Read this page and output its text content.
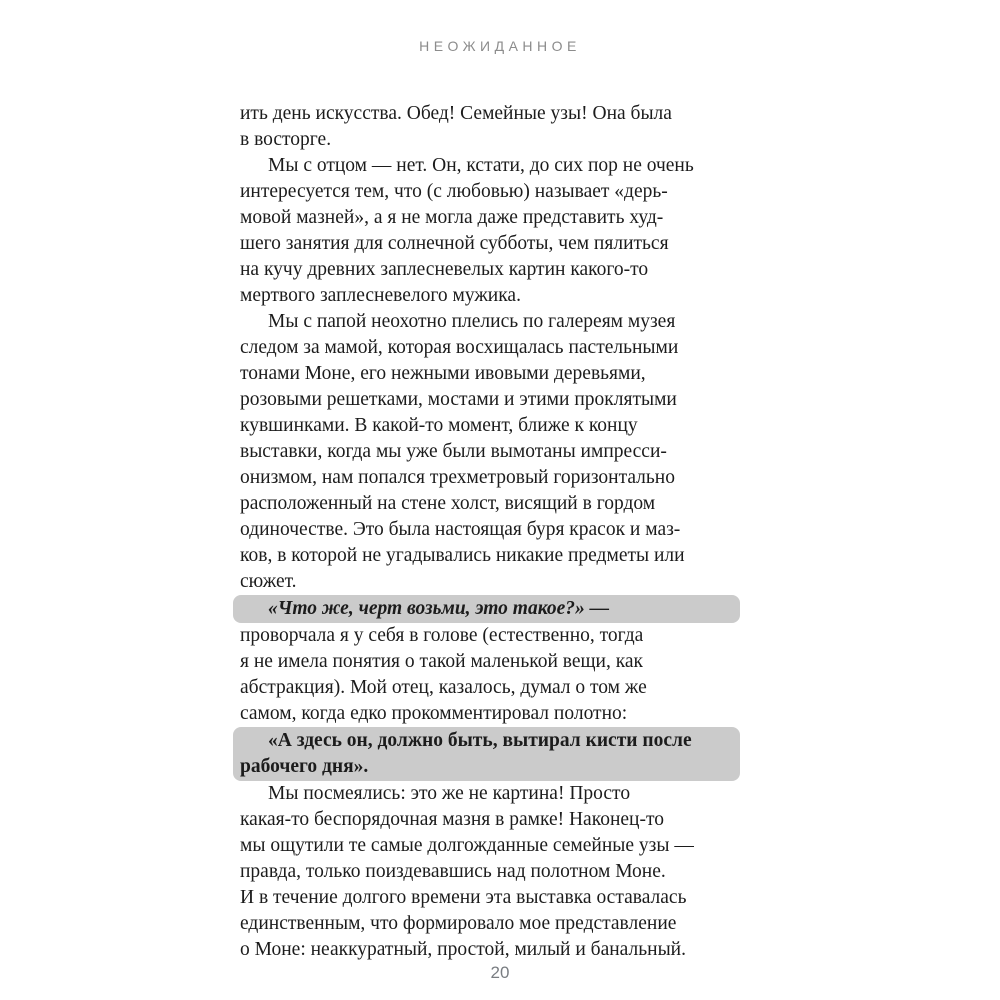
НЕОЖИДАННОЕ
ить день искусства. Обед! Семейные узы! Она была
в восторге.
Мы с отцом — нет. Он, кстати, до сих пор не очень
интересуется тем, что (с любовью) называет «дерь-
мовой мазней», а я не могла даже представить худ-
шего занятия для солнечной субботы, чем пялиться
на кучу древних заплесневелых картин какого-то
мертвого заплесневелого мужика.
Мы с папой неохотно плелись по галереям музея
следом за мамой, которая восхищалась пастельными
тонами Моне, его нежными ивовыми деревьями,
розовыми решетками, мостами и этими проклятыми
кувшинками. В какой-то момент, ближе к концу
выставки, когда мы уже были вымотаны импресси-
онизмом, нам попался трехметровый горизонтально
расположенный на стене холст, висящий в гордом
одиночестве. Это была настоящая буря красок и маз-
ков, в которой не угадывались никакие предметы или
сюжет.
«Что же, черт возьми, это такое?» —
проворчала я у себя в голове (естественно, тогда
я не имела понятия о такой маленькой вещи, как
абстракция). Мой отец, казалось, думал о том же
самом, когда едко прокомментировал полотно:
«А здесь он, должно быть, вытирал кисти после
рабочего дня».
Мы посмеялись: это же не картина! Просто
какая-то беспорядочная мазня в рамке! Наконец-то
мы ощутили те самые долгожданные семейные узы —
правда, только поиздевавшись над полотном Моне.
И в течение долгого времени эта выставка оставалась
единственным, что формировало мое представление
о Моне: неаккуратный, простой, милый и банальный.
20
